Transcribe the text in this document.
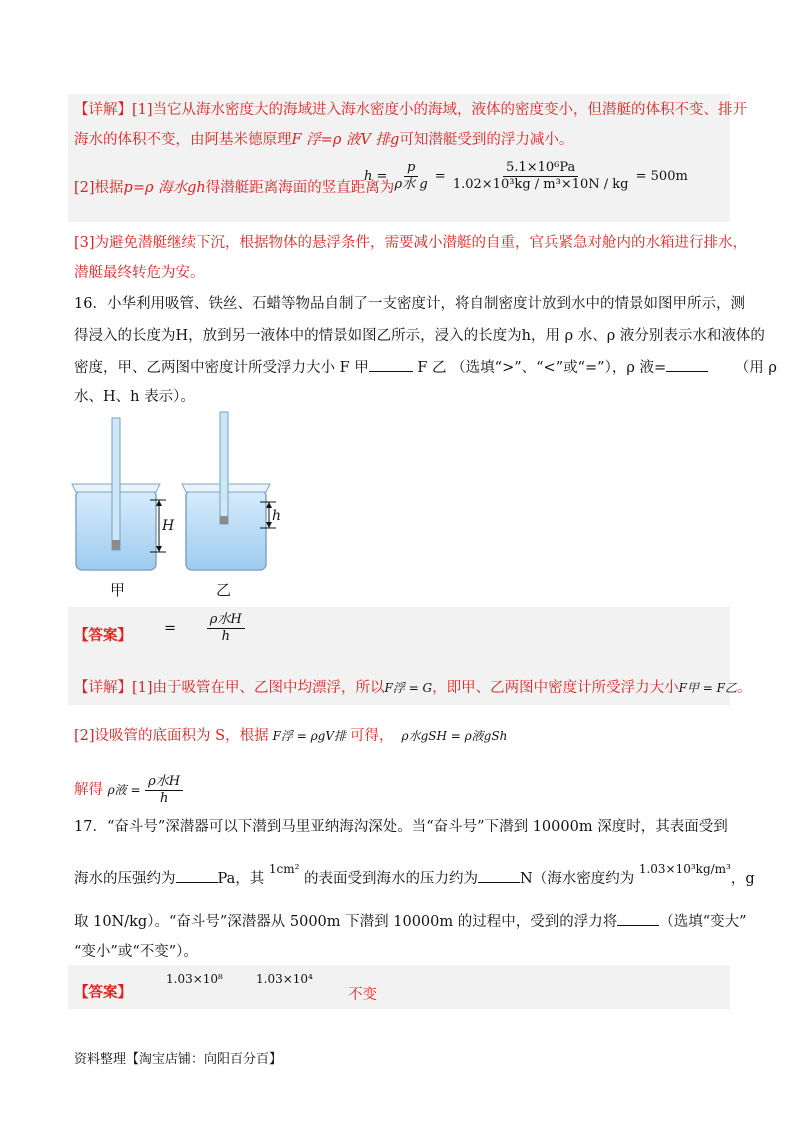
【详解】[1]当它从海水密度大的海域进入海水密度小的海域，液体的密度变小，但潜艇的体积不变、排开
海水的体积不变，由阿基米德原理F 浮=ρ 液V 排g可知潜艇受到的浮力减小。
[2]根据p=ρ 海水gh得潜艇距离海面的竖直距离为
$h = \frac{p}{\text{ρ水 g}} = \frac{\text{5.1×10⁶Pa}}{\text{1.02×10³kg / m³×10N / kg}} = 500m$
[3]为避免潜艇继续下沉，根据物体的悬浮条件，需要减小潜艇的自重，官兵紧急对舱内的水箱进行排水，
潜艇最终转危为安。
16．小华利用吸管、铁丝、石蜡等物品自制了一支密度计，将自制密度计放到水中的情景如图甲所示，测
得浸入的长度为H，放到另一液体中的情景如图乙所示，浸入的长度为h，用 ρ 水、ρ 液分别表示水和液体的
密度，甲、乙两图中密度计所受浮力大小 F 甲	F 乙 （选填“>”、“<”或“=”），ρ 液=	（用 ρ
水、H、h 表示）。
H
h
甲	乙
【答案】 = $\frac{\text{ρ水H}}{h}$
【详解】[1]由于吸管在甲、乙图中均漂浮，所以F浮 = G，即甲、乙两图中密度计所受浮力大小F甲 = F乙。
[2]设吸管的底面积为 S，根据 F浮 = ρgV排 可得， ρ水gSH = ρ液gSh
解得 ρ液 = $\frac{\text{ρ水H}}{h}$
17．“奋斗号”深潜器可以下潜到马里亚纳海沟深处。当“奋斗号”下潜到 10000m 深度时，其表面受到
海水的压强约为	Pa，其 $^{1cm^2}$ 的表面受到海水的压力约为	N（海水密度约为 $^{1.03\times 10^3kg/m^3}$，g
取 10N/kg）。“奋斗号”深潜器从 5000m 下潜到 10000m 的过程中，受到的浮力将	（选填“变大”
“变小”或“不变”）。
【答案】
1.03×10⁸	1.03×10⁴
不变
资料整理【淘宝店铺：向阳百分百】
